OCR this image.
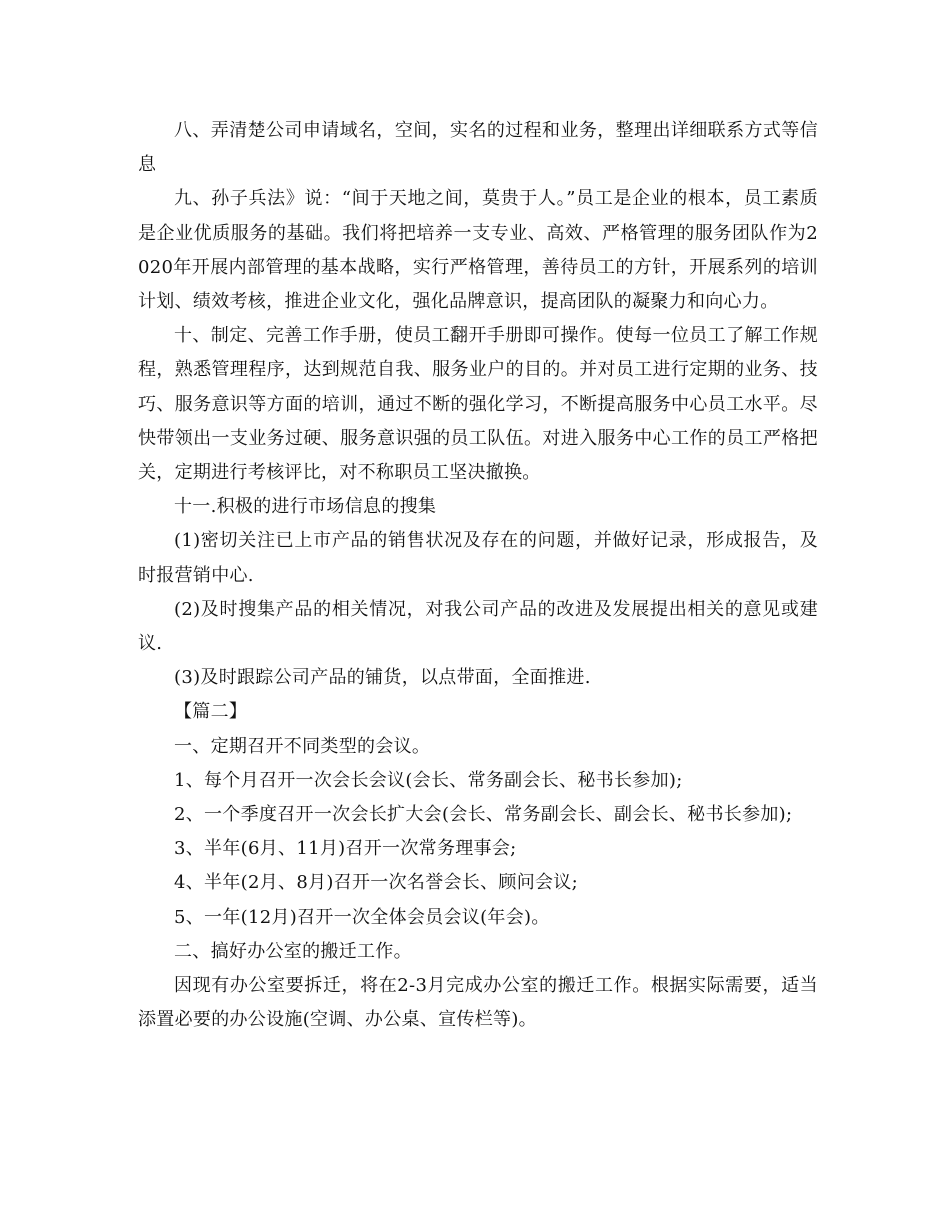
八、弄清楚公司申请域名，空间，实名的过程和业务，整理出详细联系方式等信息

九、孙子兵法》说：“间于天地之间，莫贵于人。”员工是企业的根本，员工素质是企业优质服务的基础。我们将把培养一支专业、高效、严格管理的服务团队作为2020年开展内部管理的基本战略，实行严格管理，善待员工的方针，开展系列的培训计划、绩效考核，推进企业文化，强化品牌意识，提高团队的凝聚力和向心力。

十、制定、完善工作手册，使员工翻开手册即可操作。使每一位员工了解工作规程，熟悉管理程序，达到规范自我、服务业户的目的。并对员工进行定期的业务、技巧、服务意识等方面的培训，通过不断的强化学习，不断提高服务中心员工水平。尽快带领出一支业务过硬、服务意识强的员工队伍。对进入服务中心工作的员工严格把关，定期进行考核评比，对不称职员工坚决撤换。

十一.积极的进行市场信息的搜集

(1)密切关注已上市产品的销售状况及存在的问题，并做好记录，形成报告，及时报营销中心.

(2)及时搜集产品的相关情况，对我公司产品的改进及发展提出相关的意见或建议.

(3)及时跟踪公司产品的铺货，以点带面，全面推进.

【篇二】

一、定期召开不同类型的会议。

1、每个月召开一次会长会议(会长、常务副会长、秘书长参加);

2、一个季度召开一次会长扩大会(会长、常务副会长、副会长、秘书长参加);

3、半年(6月、11月)召开一次常务理事会;

4、半年(2月、8月)召开一次名誉会长、顾问会议;

5、一年(12月)召开一次全体会员会议(年会)。

二、搞好办公室的搬迁工作。

因现有办公室要拆迁，将在2-3月完成办公室的搬迁工作。根据实际需要，适当添置必要的办公设施(空调、办公桌、宣传栏等)。
